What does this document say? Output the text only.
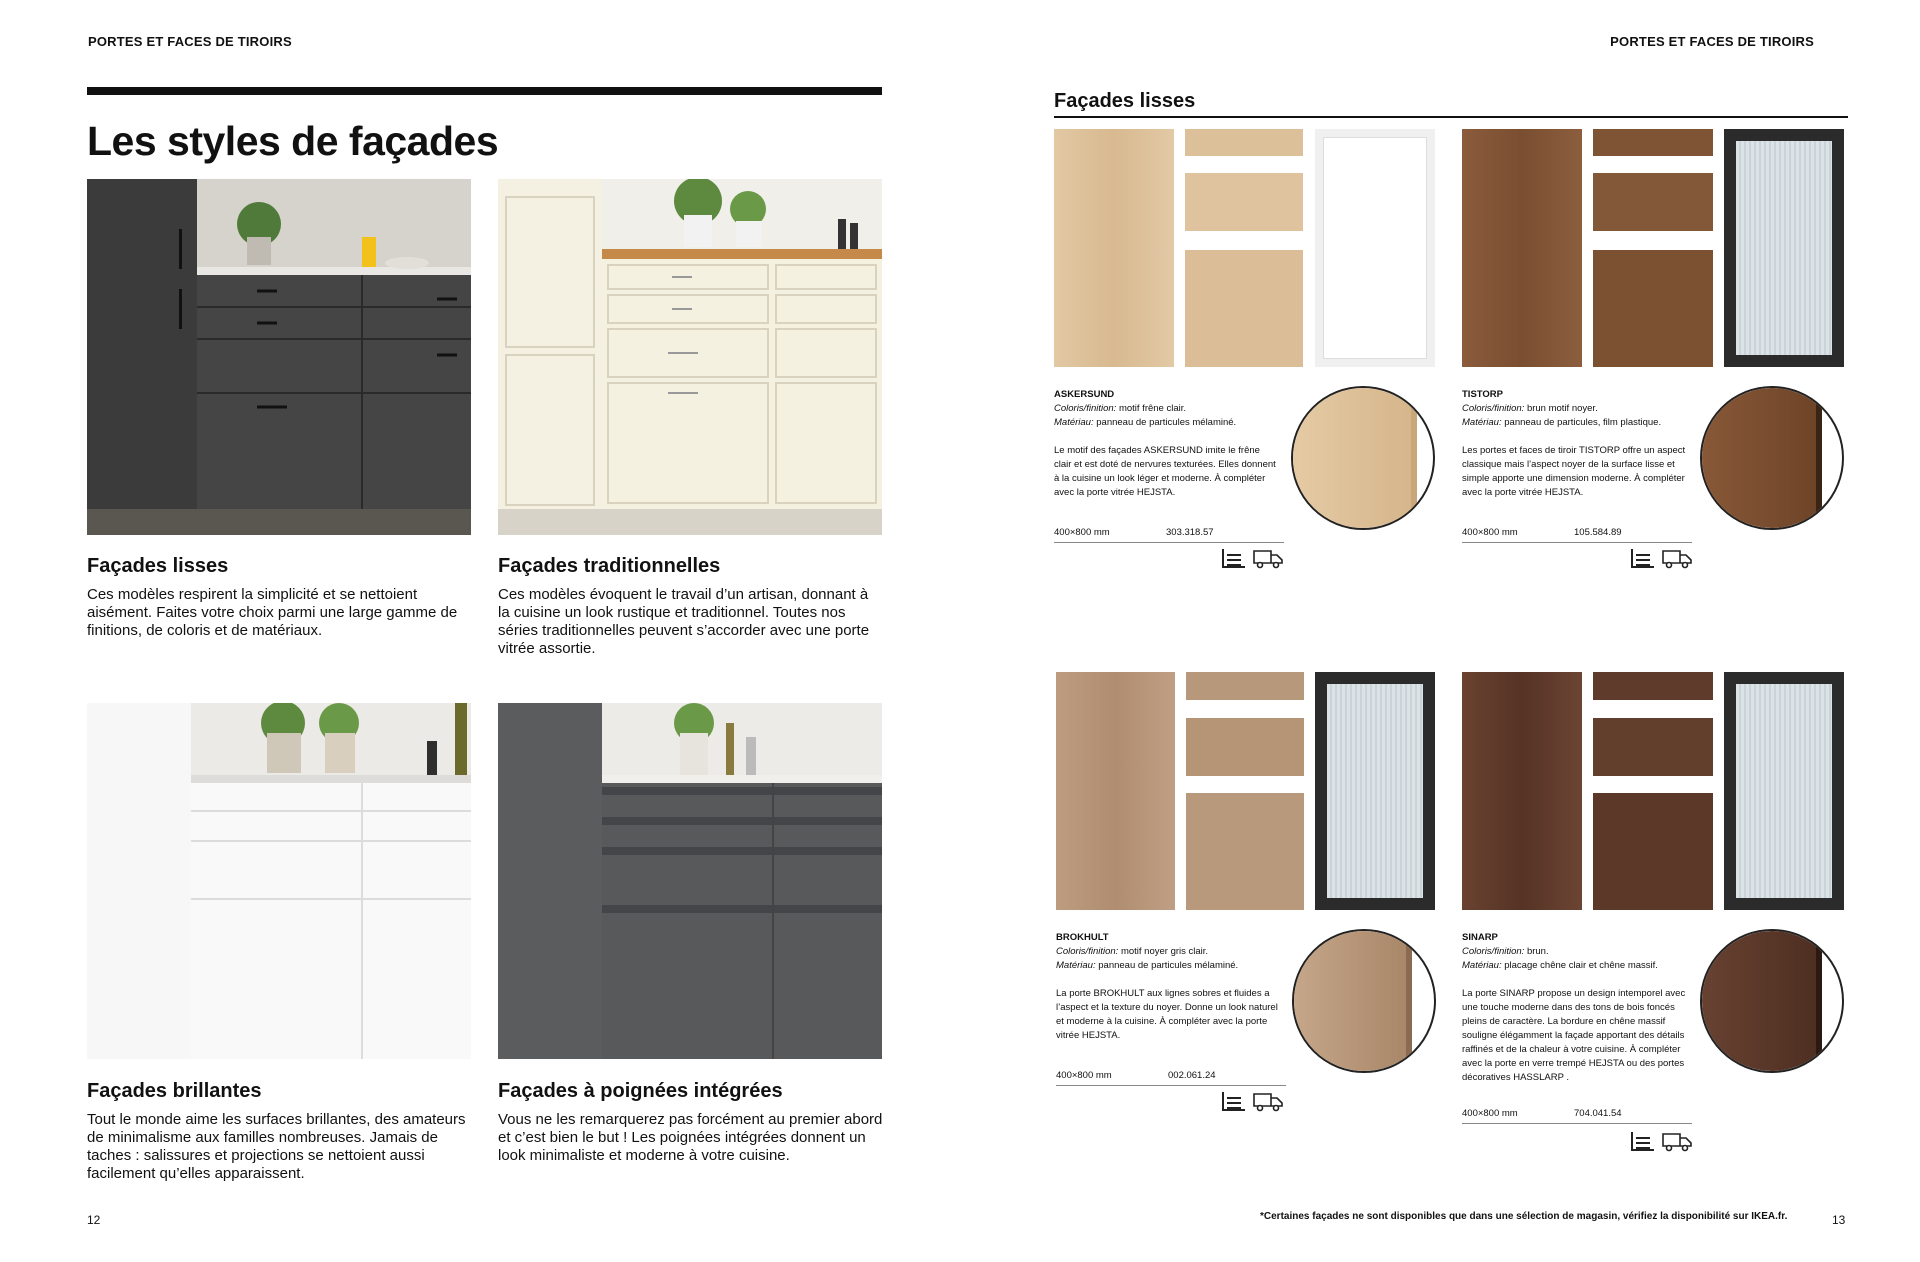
PORTES ET FACES DE TIROIRS
Les styles de façades
Façades lisses
Ces modèles respirent la simplicité et se nettoient aisément. Faites votre choix parmi une large gamme de finitions, de coloris et de matériaux.
Façades traditionnelles
Ces modèles évoquent le travail d’un artisan, donnant à la cuisine un look rustique et traditionnel. Toutes nos séries traditionnelles peuvent s’accorder avec une porte vitrée assortie.
Façades brillantes
Tout le monde aime les surfaces brillantes, des amateurs de minimalisme aux familles nombreuses. Jamais de taches : salissures et projections se nettoient aussi facilement qu’elles apparaissent.
Façades à poignées intégrées
Vous ne les remarquerez pas forcément au premier abord et c’est bien le but ! Les poignées intégrées donnent un look minimaliste et moderne à votre cuisine.
12
PORTES ET FACES DE TIROIRS
Façades lisses
ASKERSUND
Coloris/finition: motif frêne clair.
Matériau: panneau de particules mélaminé.
Le motif des façades ASKERSUND imite le frêne clair et est doté de nervures texturées. Elles donnent à la cuisine un look léger et moderne. À compléter avec la porte vitrée HEJSTA.
400×800 mm	303.318.57
TISTORP
Coloris/finition: brun motif noyer.
Matériau: panneau de particules, film plastique.
Les portes et faces de tiroir TISTORP offre un aspect classique mais l’aspect noyer de la surface lisse et simple apporte une dimension moderne. À compléter avec la porte vitrée HEJSTA.
400×800 mm	105.584.89
BROKHULT
Coloris/finition: motif noyer gris clair.
Matériau: panneau de particules mélaminé.
La porte BROKHULT aux lignes sobres et fluides a l’aspect et la texture du noyer. Donne un look naturel et moderne à la cuisine. À compléter avec la porte vitrée HEJSTA.
400×800 mm	002.061.24
SINARP
Coloris/finition: brun.
Matériau: placage chêne clair et chêne massif.
La porte SINARP propose un design intemporel avec une touche moderne dans des tons de bois foncés pleins de caractère. La bordure en chêne massif souligne élégamment la façade apportant des détails raffinés et de la chaleur à votre cuisine. À compléter avec la porte en verre trempé HEJSTA ou des portes décoratives HASSLARP .
400×800 mm	704.041.54
*Certaines façades ne sont disponibles que dans une sélection de magasin, vérifiez la disponibilité sur IKEA.fr.	13
